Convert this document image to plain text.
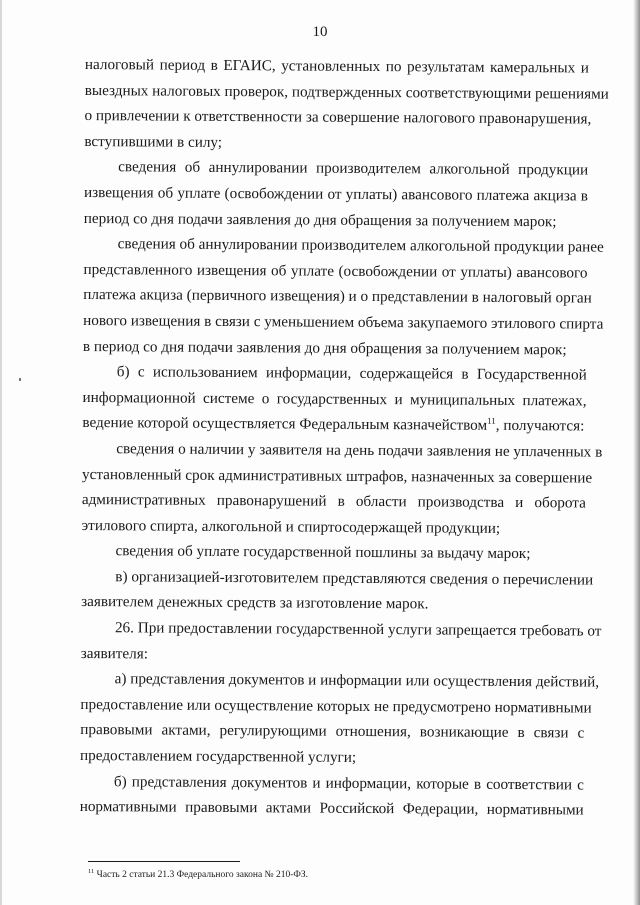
10
налоговый период в ЕГАИС, установленных по результатам камеральных и
выездных налоговых проверок, подтвержденных соответствующими решениями
о привлечении к ответственности за совершение налогового правонарушения,
вступившими в силу;
сведения об аннулировании производителем алкогольной продукции
извещения об уплате (освобождении от уплаты) авансового платежа акциза в
период со дня подачи заявления до дня обращения за получением марок;
сведения об аннулировании производителем алкогольной продукции ранее
представленного извещения об уплате (освобождении от уплаты) авансового
платежа акциза (первичного извещения) и о представлении в налоговый орган
нового извещения в связи с уменьшением объема закупаемого этилового спирта
в период со дня подачи заявления до дня обращения за получением марок;
б) с использованием информации, содержащейся в Государственной
информационной системе о государственных и муниципальных платежах,
ведение которой осуществляется Федеральным казначейством$^{11}$, получаются:
сведения о наличии у заявителя на день подачи заявления не уплаченных в
установленный срок административных штрафов, назначенных за совершение
административных правонарушений в области производства и оборота
этилового спирта, алкогольной и спиртосодержащей продукции;
сведения об уплате государственной пошлины за выдачу марок;
в) организацией-изготовителем представляются сведения о перечислении
заявителем денежных средств за изготовление марок.
26. При предоставлении государственной услуги запрещается требовать от
заявителя:
а) представления документов и информации или осуществления действий,
предоставление или осуществление которых не предусмотрено нормативными
правовыми актами, регулирующими отношения, возникающие в связи с
предоставлением государственной услуги;
б) представления документов и информации, которые в соответствии с
нормативными правовыми актами Российской Федерации, нормативными
$^{11}$ Часть 2 статьи 21.3 Федерального закона № 210-ФЗ.
